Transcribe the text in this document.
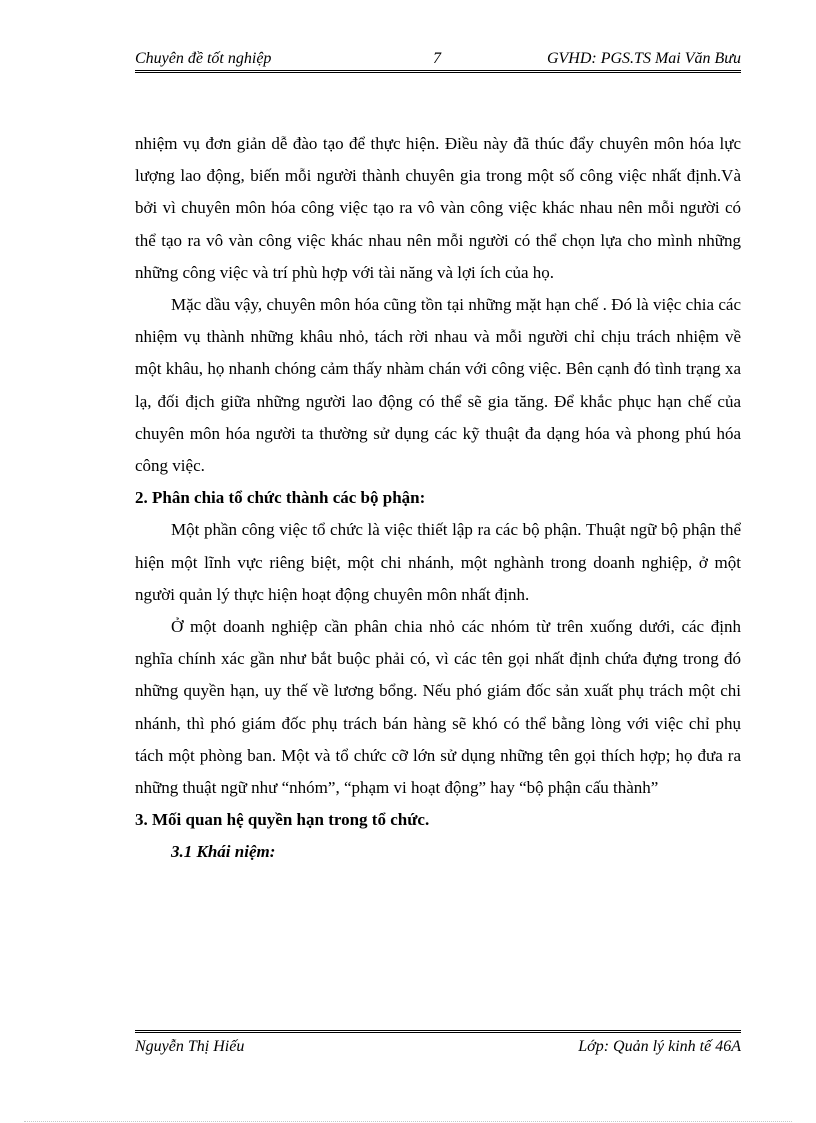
Chuyên đề tốt nghiệp	7	GVHD: PGS.TS Mai Văn Bưu

nhiệm vụ đơn giản dễ đào tạo để thực hiện. Điều này đã thúc đẩy chuyên môn hóa lực lượng lao động, biến mỗi người thành chuyên gia trong một số công việc nhất định.Và bởi vì chuyên môn hóa công việc tạo ra vô vàn công việc khác nhau nên mỗi người có thể tạo ra vô vàn công việc khác nhau nên mỗi người có thể chọn lựa cho mình những những công việc và trí phù hợp với tài năng và lợi ích của họ.

Mặc dầu vậy, chuyên môn hóa cũng tồn tại những mặt hạn chế . Đó là việc chia các nhiệm vụ thành những khâu nhỏ, tách rời nhau và mỗi người chỉ chịu trách nhiệm về một khâu, họ nhanh chóng cảm thấy nhàm chán với công việc. Bên cạnh đó tình trạng xa lạ, đối địch giữa những người lao động có thể sẽ gia tăng. Để khắc phục hạn chế của chuyên môn hóa người ta thường sử dụng các kỹ thuật đa dạng hóa và phong phú hóa công việc.

2. Phân chia tổ chức thành các bộ phận:

Một phần công việc tổ chức là việc thiết lập ra các bộ phận. Thuật ngữ bộ phận thể hiện một lĩnh vực riêng biệt, một chi nhánh, một nghành trong doanh nghiệp, ở một người quản lý thực hiện hoạt động chuyên môn nhất định.

Ở một doanh nghiệp cần phân chia nhỏ các nhóm từ trên xuống dưới, các định nghĩa chính xác gần như bắt buộc phải có, vì các tên gọi nhất định chứa đựng trong đó những quyền hạn, uy thế về lương bổng. Nếu phó giám đốc sản xuất phụ trách một chi nhánh, thì phó giám đốc phụ trách bán hàng sẽ khó có thể bằng lòng với việc chỉ phụ tách một phòng ban. Một và tổ chức cỡ lớn sử dụng những tên gọi thích hợp; họ đưa ra những thuật ngữ như “nhóm”, “phạm vi hoạt động” hay “bộ phận cấu thành”

3. Mối quan hệ quyền hạn trong tổ chức.

3.1 Khái niệm:

Nguyễn Thị Hiếu	Lớp: Quản lý kinh tế 46A
